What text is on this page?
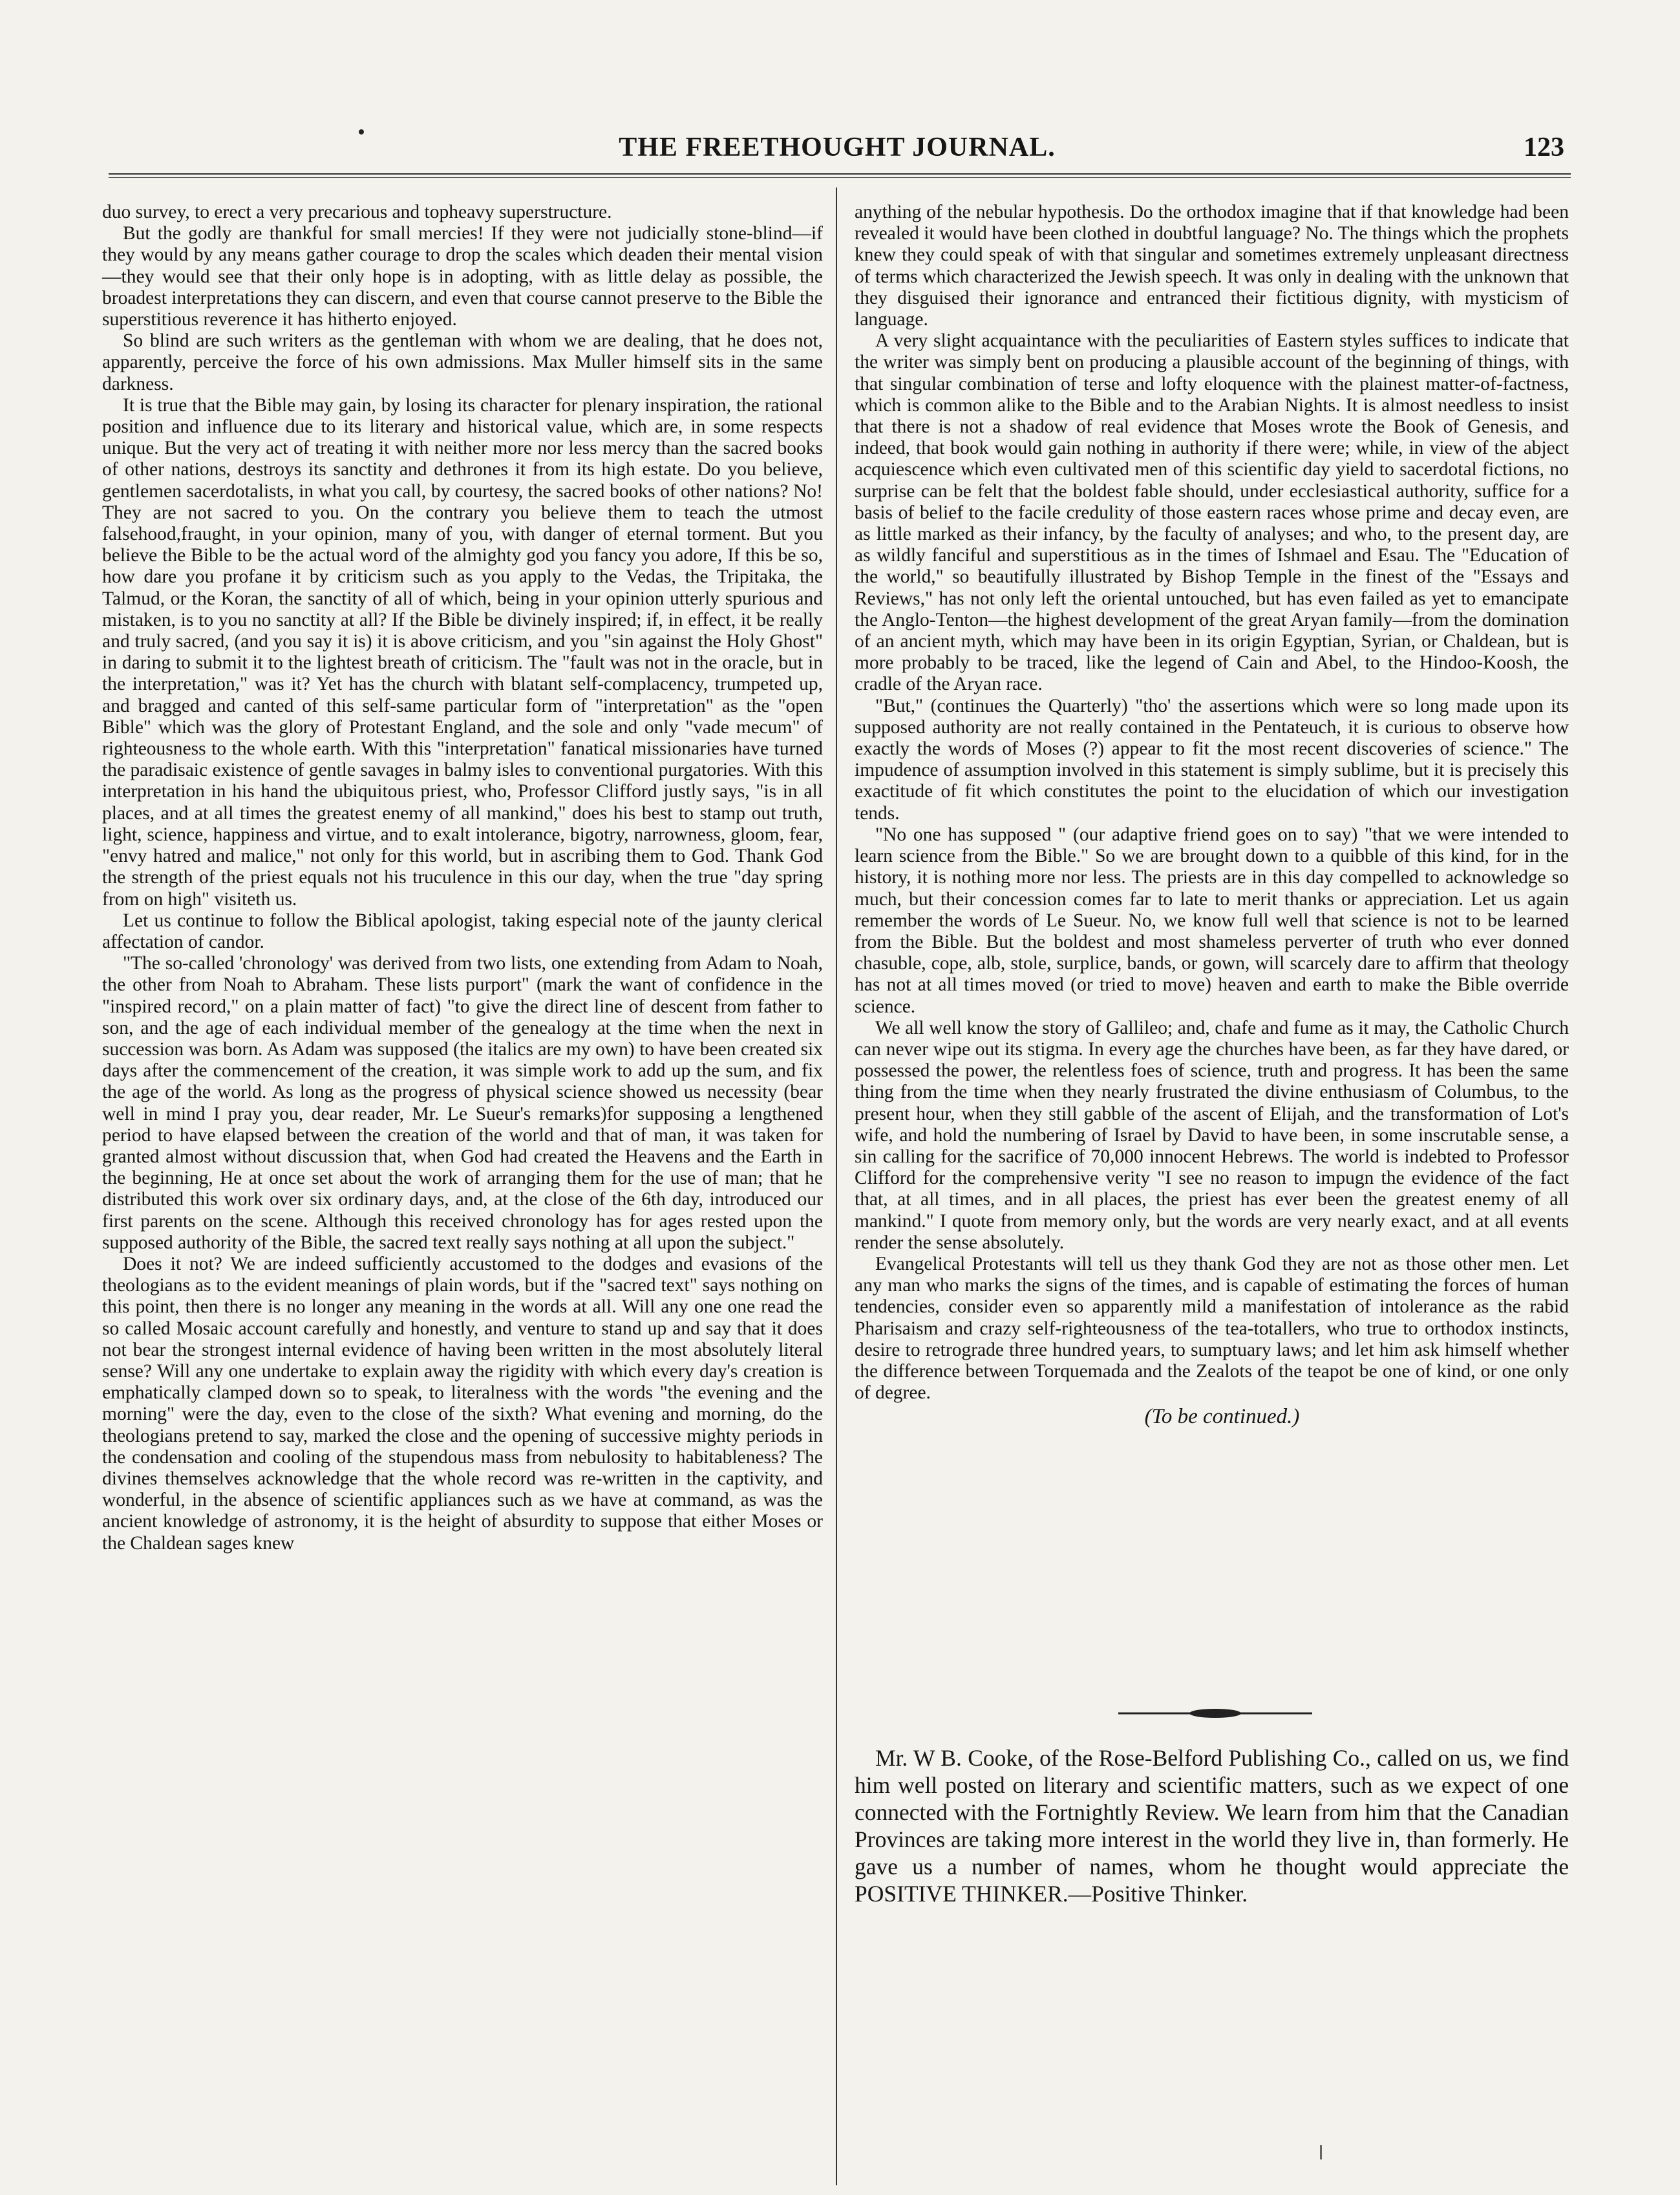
THE FREETHOUGHT JOURNAL.	123

duo survey, to erect a very precarious and topheavy superstructure.

But the godly are thankful for small mercies! If they were not judicially stone-blind—if they would by any means gather courage to drop the scales which deaden their mental vision—they would see that their only hope is in adopting, with as little delay as possible, the broadest interpretations they can discern, and even that course cannot preserve to the Bible the superstitious reverence it has hitherto enjoyed.

So blind are such writers as the gentleman with whom we are dealing, that he does not, apparently, perceive the force of his own admissions. Max Muller himself sits in the same darkness.

It is true that the Bible may gain, by losing its character for plenary inspiration, the rational position and influence due to its literary and historical value, which are, in some respects unique. But the very act of treating it with neither more nor less mercy than the sacred books of other nations, destroys its sanctity and dethrones it from its high estate. Do you believe, gentlemen sacerdotalists, in what you call, by courtesy, the sacred books of other nations? No! They are not sacred to you. On the contrary you believe them to teach the utmost falsehood,fraught, in your opinion, many of you, with danger of eternal torment. But you believe the Bible to be the actual word of the almighty god you fancy you adore, If this be so, how dare you profane it by criticism such as you apply to the Vedas, the Tripitaka, the Talmud, or the Koran, the sanctity of all of which, being in your opinion utterly spurious and mistaken, is to you no sanctity at all? If the Bible be divinely inspired; if, in effect, it be really and truly sacred, (and you say it is) it is above criticism, and you "sin against the Holy Ghost" in daring to submit it to the lightest breath of criticism. The "fault was not in the oracle, but in the interpretation," was it? Yet has the church with blatant self-complacency, trumpeted up, and bragged and canted of this self-same particular form of "interpretation" as the "open Bible" which was the glory of Protestant England, and the sole and only "vade mecum" of righteousness to the whole earth. With this "interpretation" fanatical missionaries have turned the paradisaic existence of gentle savages in balmy isles to conventional purgatories. With this interpretation in his hand the ubiquitous priest, who, Professor Clifford justly says, "is in all places, and at all times the greatest enemy of all mankind," does his best to stamp out truth, light, science, happiness and virtue, and to exalt intolerance, bigotry, narrowness, gloom, fear, "envy hatred and malice," not only for this world, but in ascribing them to God. Thank God the strength of the priest equals not his truculence in this our day, when the true "day spring from on high" visiteth us.

Let us continue to follow the Biblical apologist, taking especial note of the jaunty clerical affectation of candor.

"The so-called 'chronology' was derived from two lists, one extending from Adam to Noah, the other from Noah to Abraham. These lists purport" (mark the want of confidence in the "inspired record," on a plain matter of fact) "to give the direct line of descent from father to son, and the age of each individual member of the genealogy at the time when the next in succession was born. As Adam was supposed (the italics are my own) to have been created six days after the commencement of the creation, it was simple work to add up the sum, and fix the age of the world. As long as the progress of physical science showed us necessity (bear well in mind I pray you, dear reader, Mr. Le Sueur's remarks)for supposing a lengthened period to have elapsed between the creation of the world and that of man, it was taken for granted almost without discussion that, when God had created the Heavens and the Earth in the beginning, He at once set about the work of arranging them for the use of man; that he distributed this work over six ordinary days, and, at the close of the 6th day, introduced our first parents on the scene. Although this received chronology has for ages rested upon the supposed authority of the Bible, the sacred text really says nothing at all upon the subject."

Does it not? We are indeed sufficiently accustomed to the dodges and evasions of the theologians as to the evident meanings of plain words, but if the "sacred text" says nothing on this point, then there is no longer any meaning in the words at all. Will any one one read the so called Mosaic account carefully and honestly, and venture to stand up and say that it does not bear the strongest internal evidence of having been written in the most absolutely literal sense? Will any one undertake to explain away the rigidity with which every day's creation is emphatically clamped down so to speak, to literalness with the words "the evening and the morning" were the day, even to the close of the sixth? What evening and morning, do the theologians pretend to say, marked the close and the opening of successive mighty periods in the condensation and cooling of the stupendous mass from nebulosity to habitableness? The divines themselves acknowledge that the whole record was re-written in the captivity, and wonderful, in the absence of scientific appliances such as we have at command, as was the ancient knowledge of astronomy, it is the height of absurdity to suppose that either Moses or the Chaldean sages knew

anything of the nebular hypothesis. Do the orthodox imagine that if that knowledge had been revealed it would have been clothed in doubtful language? No. The things which the prophets knew they could speak of with that singular and sometimes extremely unpleasant directness of terms which characterized the Jewish speech. It was only in dealing with the unknown that they disguised their ignorance and entranced their fictitious dignity, with mysticism of language.

A very slight acquaintance with the peculiarities of Eastern styles suffices to indicate that the writer was simply bent on producing a plausible account of the beginning of things, with that singular combination of terse and lofty eloquence with the plainest matter-of-factness, which is common alike to the Bible and to the Arabian Nights. It is almost needless to insist that there is not a shadow of real evidence that Moses wrote the Book of Genesis, and indeed, that book would gain nothing in authority if there were; while, in view of the abject acquiescence which even cultivated men of this scientific day yield to sacerdotal fictions, no surprise can be felt that the boldest fable should, under ecclesiastical authority, suffice for a basis of belief to the facile credulity of those eastern races whose prime and decay even, are as little marked as their infancy, by the faculty of analyses; and who, to the present day, are as wildly fanciful and superstitious as in the times of Ishmael and Esau. The "Education of the world," so beautifully illustrated by Bishop Temple in the finest of the "Essays and Reviews," has not only left the oriental untouched, but has even failed as yet to emancipate the Anglo-Tenton—the highest development of the great Aryan family—from the domination of an ancient myth, which may have been in its origin Egyptian, Syrian, or Chaldean, but is more probably to be traced, like the legend of Cain and Abel, to the Hindoo-Koosh, the cradle of the Aryan race.

"But," (continues the Quarterly) "tho' the assertions which were so long made upon its supposed authority are not really contained in the Pentateuch, it is curious to observe how exactly the words of Moses (?) appear to fit the most recent discoveries of science." The impudence of assumption involved in this statement is simply sublime, but it is precisely this exactitude of fit which constitutes the point to the elucidation of which our investigation tends.

"No one has supposed " (our adaptive friend goes on to say) "that we were intended to learn science from the Bible." So we are brought down to a quibble of this kind, for in the history, it is nothing more nor less. The priests are in this day compelled to acknowledge so much, but their concession comes far to late to merit thanks or appreciation. Let us again remember the words of Le Sueur. No, we know full well that science is not to be learned from the Bible. But the boldest and most shameless perverter of truth who ever donned chasuble, cope, alb, stole, surplice, bands, or gown, will scarcely dare to affirm that theology has not at all times moved (or tried to move) heaven and earth to make the Bible override science.

We all well know the story of Gallileo; and, chafe and fume as it may, the Catholic Church can never wipe out its stigma. In every age the churches have been, as far they have dared, or possessed the power, the relentless foes of science, truth and progress. It has been the same thing from the time when they nearly frustrated the divine enthusiasm of Columbus, to the present hour, when they still gabble of the ascent of Elijah, and the transformation of Lot's wife, and hold the numbering of Israel by David to have been, in some inscrutable sense, a sin calling for the sacrifice of 70,000 innocent Hebrews. The world is indebted to Professor Clifford for the comprehensive verity "I see no reason to impugn the evidence of the fact that, at all times, and in all places, the priest has ever been the greatest enemy of all mankind." I quote from memory only, but the words are very nearly exact, and at all events render the sense absolutely.

Evangelical Protestants will tell us they thank God they are not as those other men. Let any man who marks the signs of the times, and is capable of estimating the forces of human tendencies, consider even so apparently mild a manifestation of intolerance as the rabid Pharisaism and crazy self-righteousness of the tea-totallers, who true to orthodox instincts, desire to retrograde three hundred years, to sumptuary laws; and let him ask himself whether the difference between Torquemada and the Zealots of the teapot be one of kind, or one only of degree.

(To be continued.)

Mr. W B. Cooke, of the Rose-Belford Publishing Co., called on us, we find him well posted on literary and scientific matters, such as we expect of one connected with the Fortnightly Review. We learn from him that the Canadian Provinces are taking more interest in the world they live in, than formerly. He gave us a number of names, whom he thought would appreciate the POSITIVE THINKER.—Positive Thinker.
